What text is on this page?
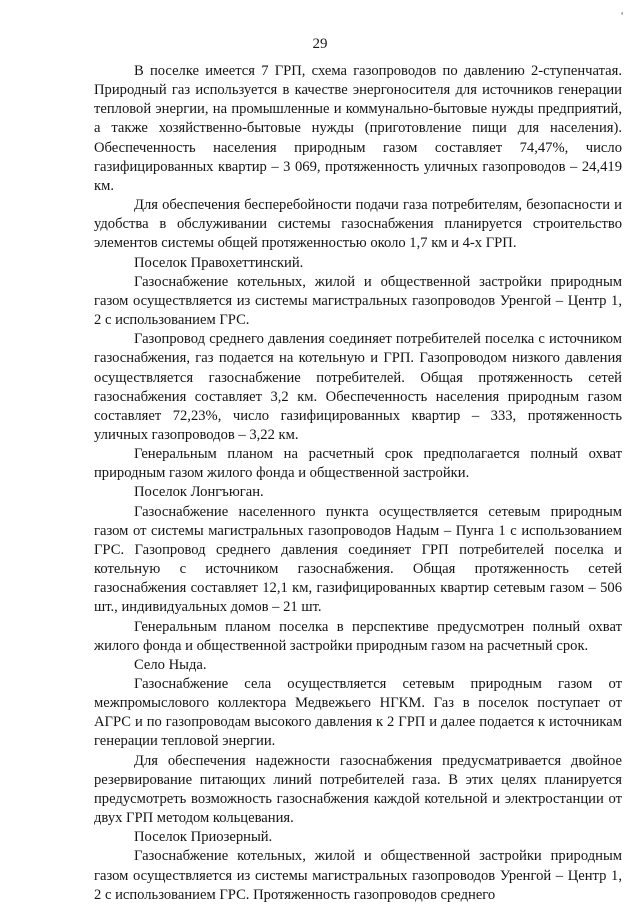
‘
29

В поселке имеется 7 ГРП, схема газопроводов по давлению 2-ступенчатая. Природный газ используется в качестве энергоносителя для источников генерации тепловой энергии, на промышленные и коммунально-бытовые нужды предприятий, а также хозяйственно-бытовые нужды (приготовление пищи для населения). Обеспеченность населения природным газом составляет 74,47%, число газифицированных квартир – 3 069, протяженность уличных газопроводов – 24,419 км.

Для обеспечения бесперебойности подачи газа потребителям, безопасности и удобства в обслуживании системы газоснабжения планируется строительство элементов системы общей протяженностью около 1,7 км и 4-х ГРП.

Поселок Правохеттинский.

Газоснабжение котельных, жилой и общественной застройки природным газом осуществляется из системы магистральных газопроводов Уренгой – Центр 1, 2 с использованием ГРС.

Газопровод среднего давления соединяет потребителей поселка с источником газоснабжения, газ подается на котельную и ГРП. Газопроводом низкого давления осуществляется газоснабжение потребителей. Общая протяженность сетей газоснабжения составляет 3,2 км. Обеспеченность населения природным газом составляет 72,23%, число газифицированных квартир – 333, протяженность уличных газопроводов – 3,22 км.

Генеральным планом на расчетный срок предполагается полный охват природным газом жилого фонда и общественной застройки.

Поселок Лонгъюган.

Газоснабжение населенного пункта осуществляется сетевым природным газом от системы магистральных газопроводов Надым – Пунга 1 с использованием ГРС. Газопровод среднего давления соединяет ГРП потребителей поселка и котельную с источником газоснабжения. Общая протяженность сетей газоснабжения составляет 12,1 км, газифицированных квартир сетевым газом – 506 шт., индивидуальных домов – 21 шт.

Генеральным планом поселка в перспективе предусмотрен полный охват жилого фонда и общественной застройки природным газом на расчетный срок.

Село Ныда.

Газоснабжение села осуществляется сетевым природным газом от межпромыслового коллектора Медвежьего НГКМ. Газ в поселок поступает от АГРС и по газопроводам высокого давления к 2 ГРП и далее подается к источникам генерации тепловой энергии.

Для обеспечения надежности газоснабжения предусматривается двойное резервирование питающих линий потребителей газа. В этих целях планируется предусмотреть возможность газоснабжения каждой котельной и электростанции от двух ГРП методом кольцевания.

Поселок Приозерный.

Газоснабжение котельных, жилой и общественной застройки природным газом осуществляется из системы магистральных газопроводов Уренгой – Центр 1, 2 с использованием ГРС. Протяженность газопроводов среднего
